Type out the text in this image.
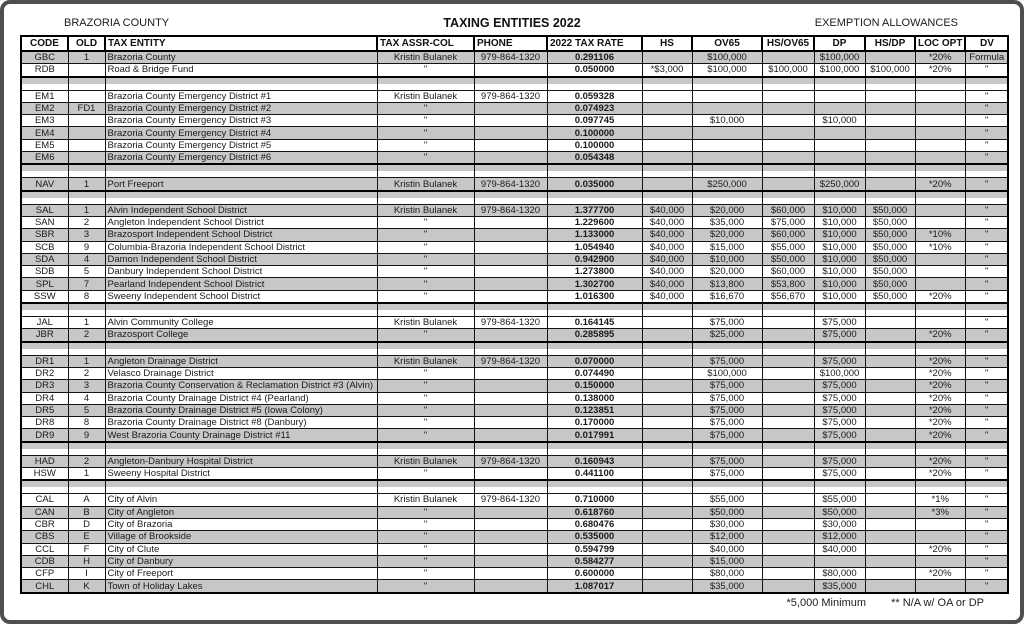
BRAZORIA COUNTY	TAXING ENTITIES 2022	EXEMPTION ALLOWANCES
CODE	OLD	TAX ENTITY	TAX ASSR-COL	PHONE	2022 TAX RATE	HS	OV65	HS/OV65	DP	HS/DP	LOC OPT	DV
GBC	1	Brazoria County	Kristin Bulanek	979-864-1320	0.291106		$100,000		$100,000		*20%	Formula
RDB		Road & Bridge Fund	"		0.050000	*$3,000	$100,000	$100,000	$100,000	$100,000	*20%	"

EM1		Brazoria County Emergency District #1	Kristin Bulanek	979-864-1320	0.059328							"
EM2	FD1	Brazoria County Emergency District #2	"		0.074923							"
EM3		Brazoria County Emergency District #3	"		0.097745		$10,000		$10,000			"
EM4		Brazoria County Emergency District #4	"		0.100000							"
EM5		Brazoria County Emergency District #5	"		0.100000							"
EM6		Brazoria County Emergency District #6	"		0.054348							"

NAV	1	Port Freeport	Kristin Bulanek	979-864-1320	0.035000		$250,000		$250,000		*20%	"

SAL	1	Alvin Independent School District	Kristin Bulanek	979-864-1320	1.377700	$40,000	$20,000	$60,000	$10,000	$50,000		"
SAN	2	Angleton Independent School District	"		1.229600	$40,000	$35,000	$75,000	$10,000	$50,000		"
SBR	3	Brazosport Independent School District	"		1.133000	$40,000	$20,000	$60,000	$10,000	$50,000	*10%	"
SCB	9	Columbia-Brazoria Independent School District	"		1.054940	$40,000	$15,000	$55,000	$10,000	$50,000	*10%	"
SDA	4	Damon Independent School District	"		0.942900	$40,000	$10,000	$50,000	$10,000	$50,000		"
SDB	5	Danbury Independent School District	"		1.273800	$40,000	$20,000	$60,000	$10,000	$50,000		"
SPL	7	Pearland Independent School District	"		1.302700	$40,000	$13,800	$53,800	$10,000	$50,000		"
SSW	8	Sweeny Independent School District	"		1.016300	$40,000	$16,670	$56,670	$10,000	$50,000	*20%	"

JAL	1	Alvin Community College	Kristin Bulanek	979-864-1320	0.164145		$75,000		$75,000			"
JBR	2	Brazosport College	"		0.285895		$25,000		$75,000		*20%	"

DR1	1	Angleton Drainage District	Kristin Bulanek	979-864-1320	0.070000		$75,000		$75,000		*20%	"
DR2	2	Velasco Drainage District	"		0.074490		$100,000		$100,000		*20%	"
DR3	3	Brazoria County Conservation & Reclamation District #3 (Alvin)	"		0.150000		$75,000		$75,000		*20%	"
DR4	4	Brazoria County Drainage District #4 (Pearland)	"		0.138000		$75,000		$75,000		*20%	"
DR5	5	Brazoria County Drainage District #5 (Iowa Colony)	"		0.123851		$75,000		$75,000		*20%	"
DR8	8	Brazoria County Drainage District #8 (Danbury)	"		0.170000		$75,000		$75,000		*20%	"
DR9	9	West Brazoria County Drainage District #11	"		0.017991		$75,000		$75,000		*20%	"

HAD	2	Angleton-Danbury Hospital District	Kristin Bulanek	979-864-1320	0.160943		$75,000		$75,000		*20%	"
HSW	1	Sweeny Hospital District	"		0.441100		$75,000		$75,000		*20%	"

CAL	A	City of Alvin	Kristin Bulanek	979-864-1320	0.710000		$55,000		$55,000		*1%	"
CAN	B	City of Angleton	"		0.618760		$50,000		$50,000		*3%	"
CBR	D	City of Brazoria	"		0.680476		$30,000		$30,000			"
CBS	E	Village of Brookside	"		0.535000		$12,000		$12,000			"
CCL	F	City of Clute	"		0.594799		$40,000		$40,000		*20%	"
CDB	H	City of Danbury	"		0.584277		$15,000					"
CFP	I	City of Freeport	"		0.600000		$80,000		$80,000		*20%	"
CHL	K	Town of Holiday Lakes	"		1.087017		$35,000		$35,000			"
*5,000 Minimum ** N/A w/ OA or DP
